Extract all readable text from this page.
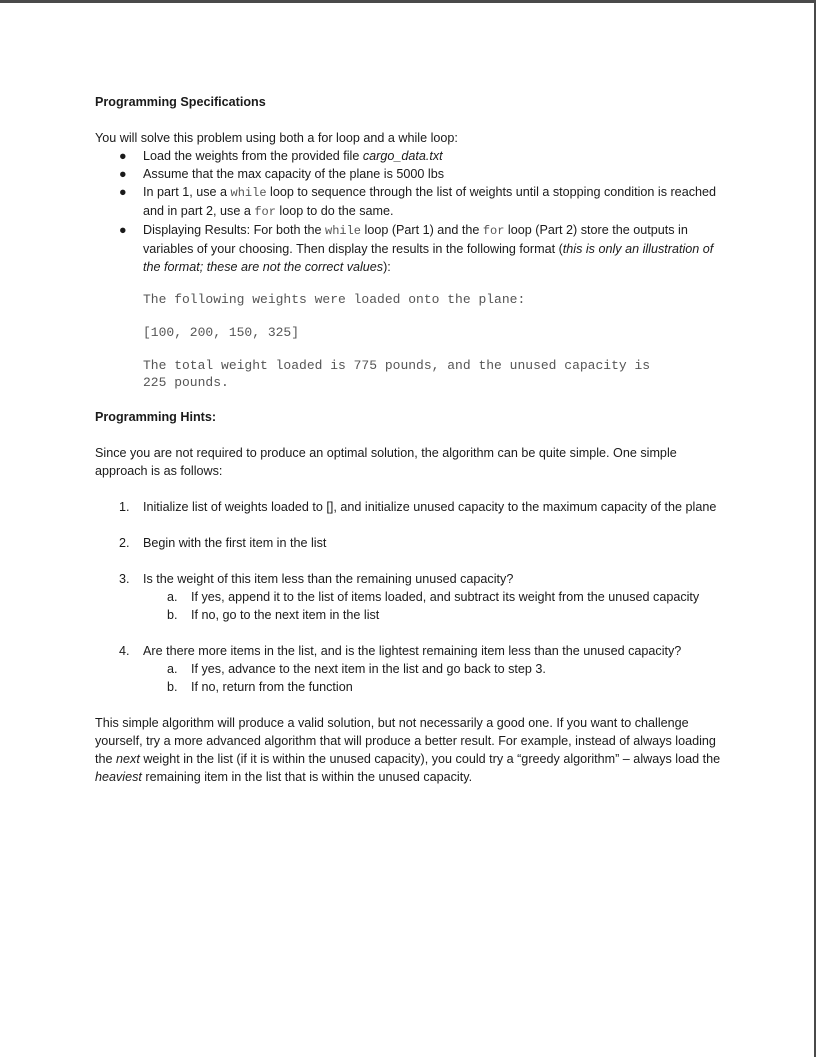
Programming Specifications

You will solve this problem using both a for loop and a while loop:

● Load the weights from the provided file cargo_data.txt
● Assume that the max capacity of the plane is 5000 lbs
● In part 1, use a while loop to sequence through the list of weights until a stopping condition is reached and in part 2, use a for loop to do the same.
● Displaying Results: For both the while loop (Part 1) and the for loop (Part 2) store the outputs in variables of your choosing. Then display the results in the following format (this is only an illustration of the format; these are not the correct values):
The following weights were loaded onto the plane:
[100, 200, 150, 325]
The total weight loaded is 775 pounds, and the unused capacity is
225 pounds.
Programming Hints:

Since you are not required to produce an optimal solution, the algorithm can be quite simple. One simple approach is as follows:

1. Initialize list of weights loaded to [], and initialize unused capacity to the maximum capacity of the plane
2. Begin with the first item in the list
3. Is the weight of this item less than the remaining unused capacity?
a. If yes, append it to the list of items loaded, and subtract its weight from the unused capacity
b. If no, go to the next item in the list
4. Are there more items in the list, and is the lightest remaining item less than the unused capacity?
a. If yes, advance to the next item in the list and go back to step 3.
b. If no, return from the function

This simple algorithm will produce a valid solution, but not necessarily a good one. If you want to challenge yourself, try a more advanced algorithm that will produce a better result. For example, instead of always loading the next weight in the list (if it is within the unused capacity), you could try a “greedy algorithm” – always load the heaviest remaining item in the list that is within the unused capacity.
